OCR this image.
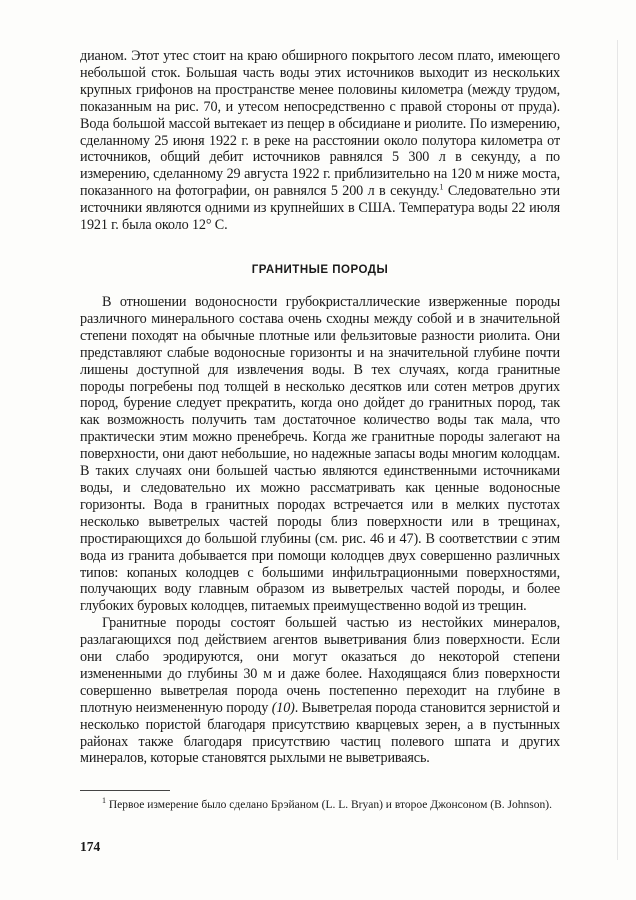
дианом. Этот утес стоит на краю обширного покрытого лесом плато, имеющего небольшой сток. Большая часть воды этих источников выходит из нескольких крупных грифонов на пространстве менее половины километра (между трудом, показанным на рис. 70, и утесом непосредственно с правой стороны от пруда). Вода большой массой вытекает из пещер в обсидиане и риолите. По измерению, сделанному 25 июня 1922 г. в реке на расстоянии около полутора километра от источников, общий дебит источников равнялся 5 300 л в секунду, а по измерению, сделанному 29 августа 1922 г. приблизительно на 120 м ниже моста, показанного на фотографии, он равнялся 5 200 л в секунду.$^1$ Следовательно эти источники являются одними из крупнейших в США. Температура воды 22 июля 1921 г. была около 12° С.

ГРАНИТНЫЕ ПОРОДЫ

В отношении водоносности грубокристаллические изверженные породы различного минерального состава очень сходны между собой и в значительной степени походят на обычные плотные или фельзитовые разности риолита. Они представляют слабые водоносные горизонты и на значительной глубине почти лишены доступной для извлечения воды. В тех случаях, когда гранитные породы погребены под толщей в несколько десятков или сотен метров других пород, бурение следует прекратить, когда оно дойдет до гранитных пород, так как возможность получить там достаточное количество воды так мала, что практически этим можно пренебречь. Когда же гранитные породы залегают на поверхности, они дают небольшие, но надежные запасы воды многим колодцам. В таких случаях они большей частью являются единственными источниками воды, и следовательно их можно рассматривать как ценные водоносные горизонты. Вода в гранитных породах встречается или в мелких пустотах несколько выветрелых частей породы близ поверхности или в трещинах, простирающихся до большой глубины (см. рис. 46 и 47). В соответствии с этим вода из гранита добывается при помощи колодцев двух совершенно различных типов: копаных колодцев с большими инфильтрационными поверхностями, получающих воду главным образом из выветрелых частей породы, и более глубоких буровых колодцев, питаемых преимущественно водой из трещин.

Гранитные породы состоят большей частью из нестойких минералов, разлагающихся под действием агентов выветривания близ поверхности. Если они слабо эродируются, они могут оказаться до некоторой степени измененными до глубины 30 м и даже более. Находящаяся близ поверхности совершенно выветрелая порода очень постепенно переходит на глубине в плотную неизмененную породу (10). Выветрелая порода становится зернистой и несколько пористой благодаря присутствию кварцевых зерен, а в пустынных районах также благодаря присутствию частиц полевого шпата и других минералов, которые становятся рыхлыми не выветриваясь.

$^1$ Первое измерение было сделано Брэйаном (L. L. Bryan) и второе Джонсоном (B. Johnson).
174
